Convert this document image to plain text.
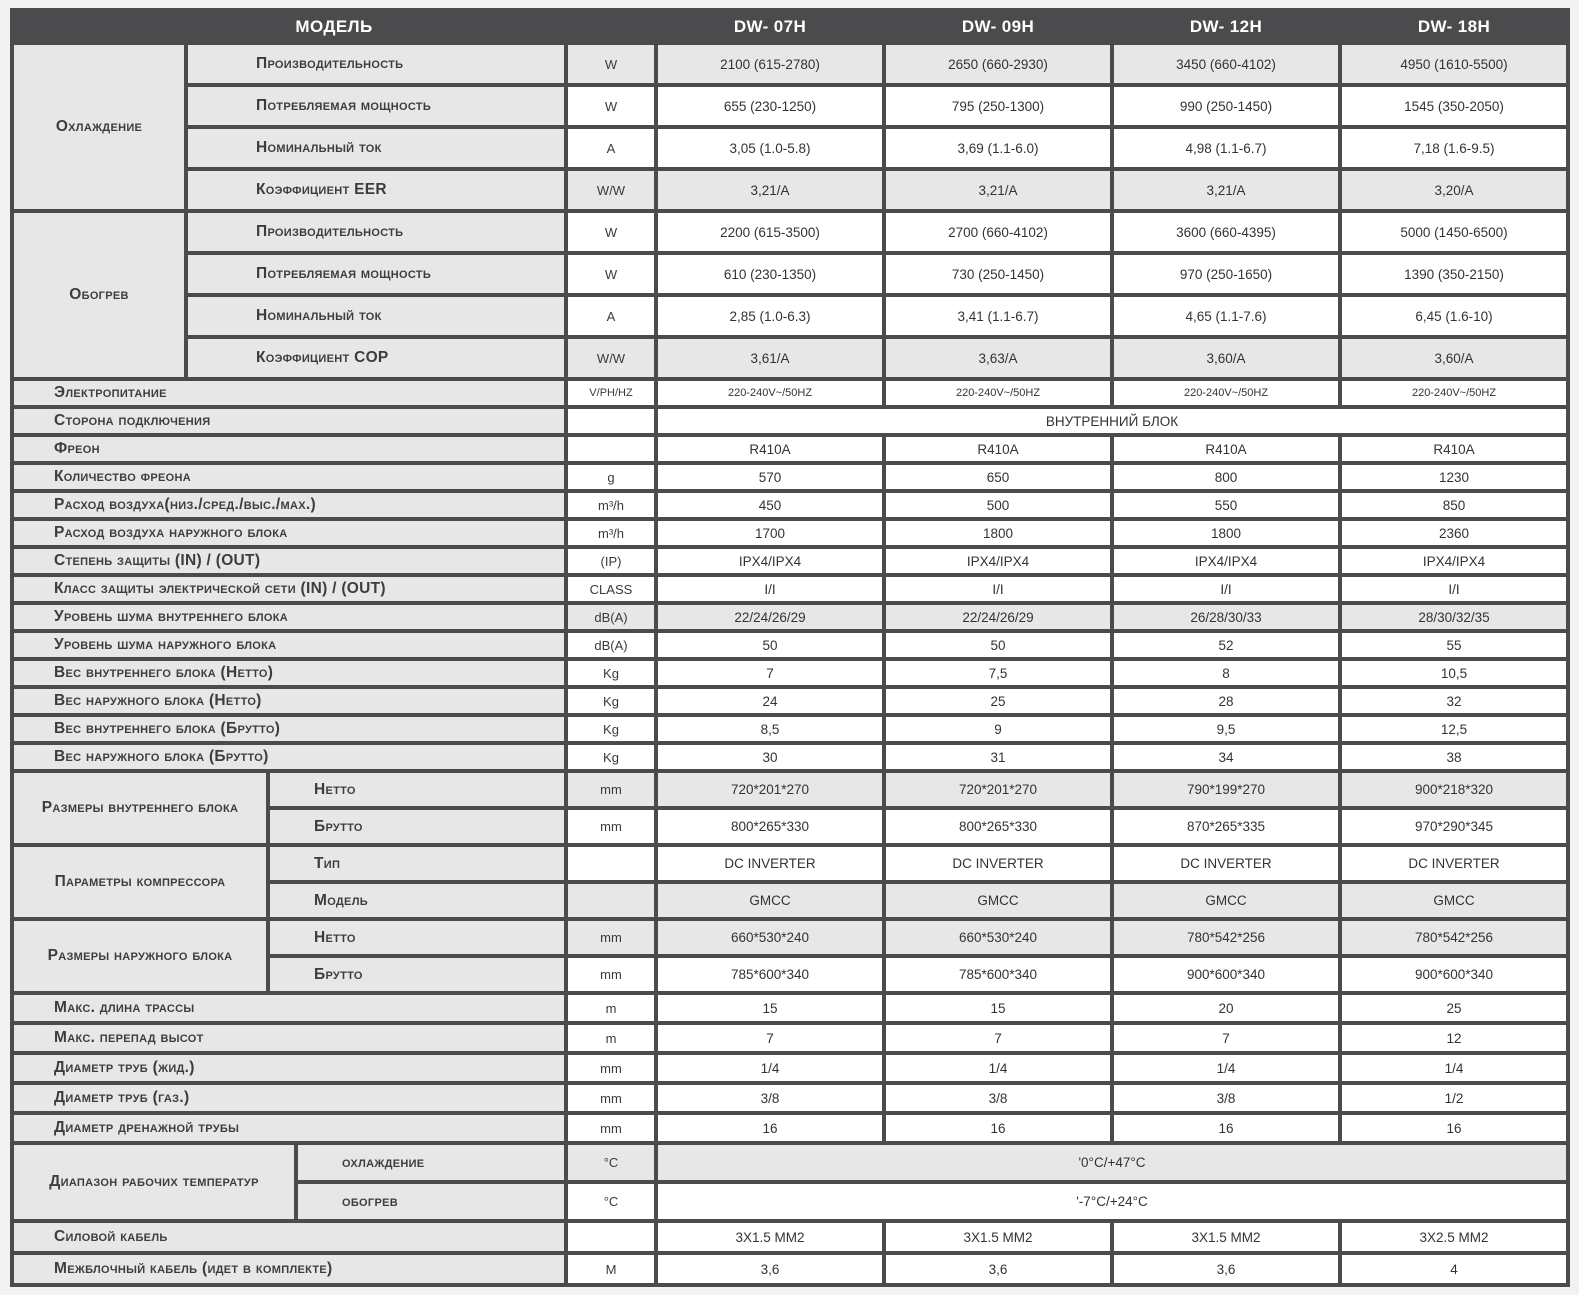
МОДЕЛЬ					DW- 07H	DW- 09H	DW- 12H	DW- 18H
Охлаждение	Производительность			W	2100 (615-2780)	2650 (660-2930)	3450 (660-4102)	4950 (1610-5500)
	Потребляемая мощность			W	655 (230-1250)	795 (250-1300)	990 (250-1450)	1545 (350-2050)
	Номинальный ток			A	3,05 (1.0-5.8)	3,69 (1.1-6.0)	4,98 (1.1-6.7)	7,18 (1.6-9.5)
	Коэффициент EER			W/W	3,21/A	3,21/A	3,21/A	3,20/A
Обогрев	Производительность			W	2200 (615-3500)	2700 (660-4102)	3600 (660-4395)	5000 (1450-6500)
	Потребляемая мощность			W	610 (230-1350)	730 (250-1450)	970 (250-1650)	1390 (350-2150)
	Номинальный ток			A	2,85 (1.0-6.3)	3,41 (1.1-6.7)	4,65 (1.1-7.6)	6,45 (1.6-10)
	Коэффициент COP			W/W	3,61/A	3,63/A	3,60/A	3,60/A
Электропитание				V/PH/HZ	220-240V~/50HZ	220-240V~/50HZ	220-240V~/50HZ	220-240V~/50HZ
Сторона подключения					ВНУТРЕННИЙ БЛОК			
Фреон					R410A	R410A	R410A	R410A
Количество фреона				g	570	650	800	1230
Расход воздуха(низ./сред./выс./мах.)				m³/h	450	500	550	850
Расход воздуха наружного блока				m³/h	1700	1800	1800	2360
Степень защиты (IN) / (OUT)				(IP)	IPX4/IPX4	IPX4/IPX4	IPX4/IPX4	IPX4/IPX4
Класс защиты электрической сети (IN) / (OUT)				CLASS	I/I	I/I	I/I	I/I
Уровень шума внутреннего блока				dB(A)	22/24/26/29	22/24/26/29	26/28/30/33	28/30/32/35
Уровень шума наружного блока				dB(A)	50	50	52	55
Вес внутреннего блока (Нетто)				Kg	7	7,5	8	10,5
Вес наружного блока (Нетто)				Kg	24	25	28	32
Вес внутреннего блока (Брутто)				Kg	8,5	9	9,5	12,5
Вес наружного блока (Брутто)				Kg	30	31	34	38
Размеры внутреннего блока		Нетто		mm	720*201*270	720*201*270	790*199*270	900*218*320
		Брутто		mm	800*265*330	800*265*330	870*265*335	970*290*345
Параметры компрессора		Тип			DC INVERTER	DC INVERTER	DC INVERTER	DC INVERTER
		Модель			GMCC	GMCC	GMCC	GMCC
Размеры наружного блока		Нетто		mm	660*530*240	660*530*240	780*542*256	780*542*256
		Брутто		mm	785*600*340	785*600*340	900*600*340	900*600*340
Макс. длина трассы				m	15	15	20	25
Макс. перепад высот				m	7	7	7	12
Диаметр труб (жид.)				mm	1/4	1/4	1/4	1/4
Диаметр труб (газ.)				mm	3/8	3/8	3/8	1/2
Диаметр дренажной трубы				mm	16	16	16	16
Диапазон рабочих температур			охлаждение	°C	'0°C/+47°C			
			обогрев	°C	'-7°C/+24°C			
Силовой кабель					3X1.5 ММ2	3X1.5 ММ2	3X1.5 ММ2	3X2.5 ММ2
Межблочный кабель (идет в комплекте)				M	3,6	3,6	3,6	4
